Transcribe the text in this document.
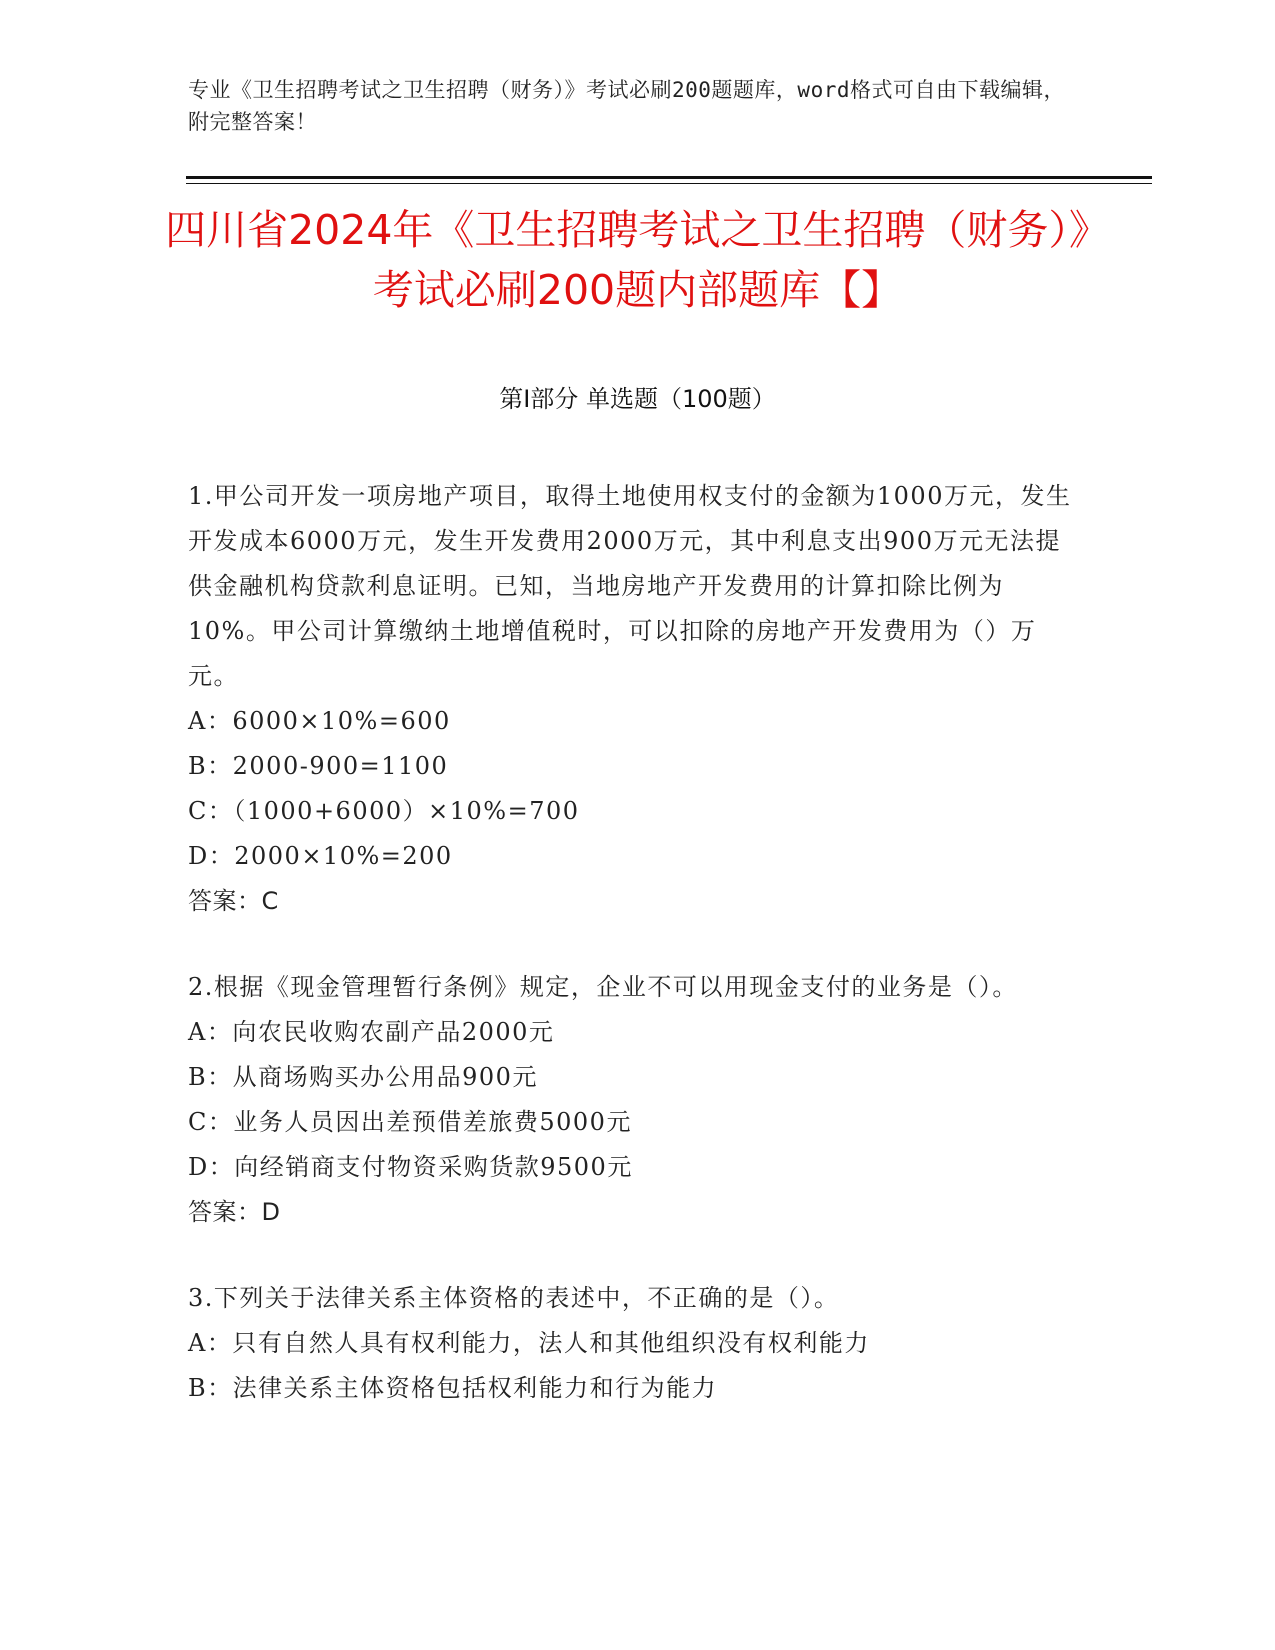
专业《卫生招聘考试之卫生招聘（财务）》考试必刷200题题库，word格式可自由下载编辑，附完整答案！
四川省2024年《卫生招聘考试之卫生招聘（财务）》考试必刷200题内部题库【】
第Ⅰ部分 单选题（100题）

1.甲公司开发一项房地产项目，取得土地使用权支付的金额为1000万元，发生开发成本6000万元，发生开发费用2000万元，其中利息支出900万元无法提供金融机构贷款利息证明。已知，当地房地产开发费用的计算扣除比例为10%。甲公司计算缴纳土地增值税时，可以扣除的房地产开发费用为（）万元。

A：6000×10%=600

B：2000-900=1100

C：（1000+6000）×10%=700

D：2000×10%=200

答案：C

2.根据《现金管理暂行条例》规定，企业不可以用现金支付的业务是（）。

A：向农民收购农副产品2000元

B：从商场购买办公用品900元

C：业务人员因出差预借差旅费5000元

D：向经销商支付物资采购货款9500元

答案：D

3.下列关于法律关系主体资格的表述中，不正确的是（）。

A：只有自然人具有权利能力，法人和其他组织没有权利能力

B：法律关系主体资格包括权利能力和行为能力
